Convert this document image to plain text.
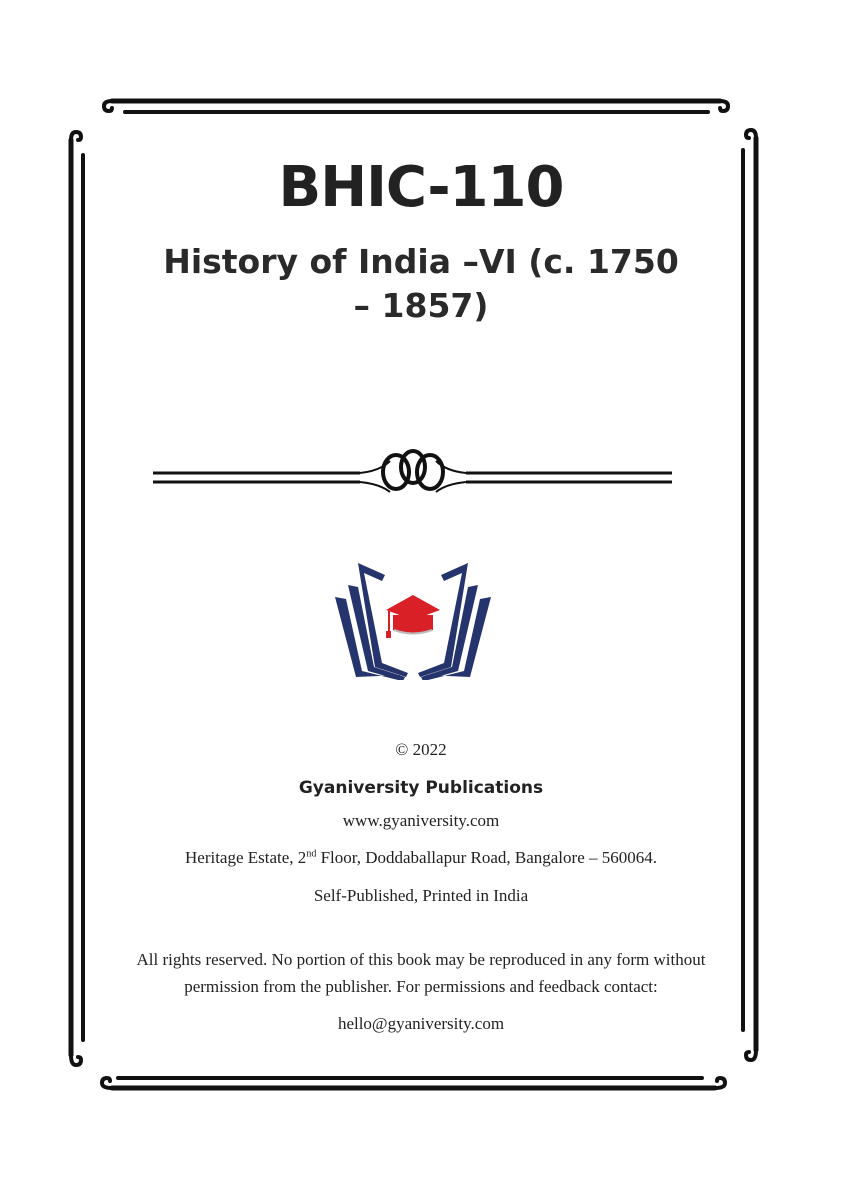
BHIC-110
History of India –VI (c. 1750 – 1857)
© 2022
Gyaniversity Publications
www.gyaniversity.com
Heritage Estate, 2nd Floor, Doddaballapur Road, Bangalore – 560064.
Self-Published, Printed in India
All rights reserved. No portion of this book may be reproduced in any form without
permission from the publisher. For permissions and feedback contact:
hello@gyaniversity.com
